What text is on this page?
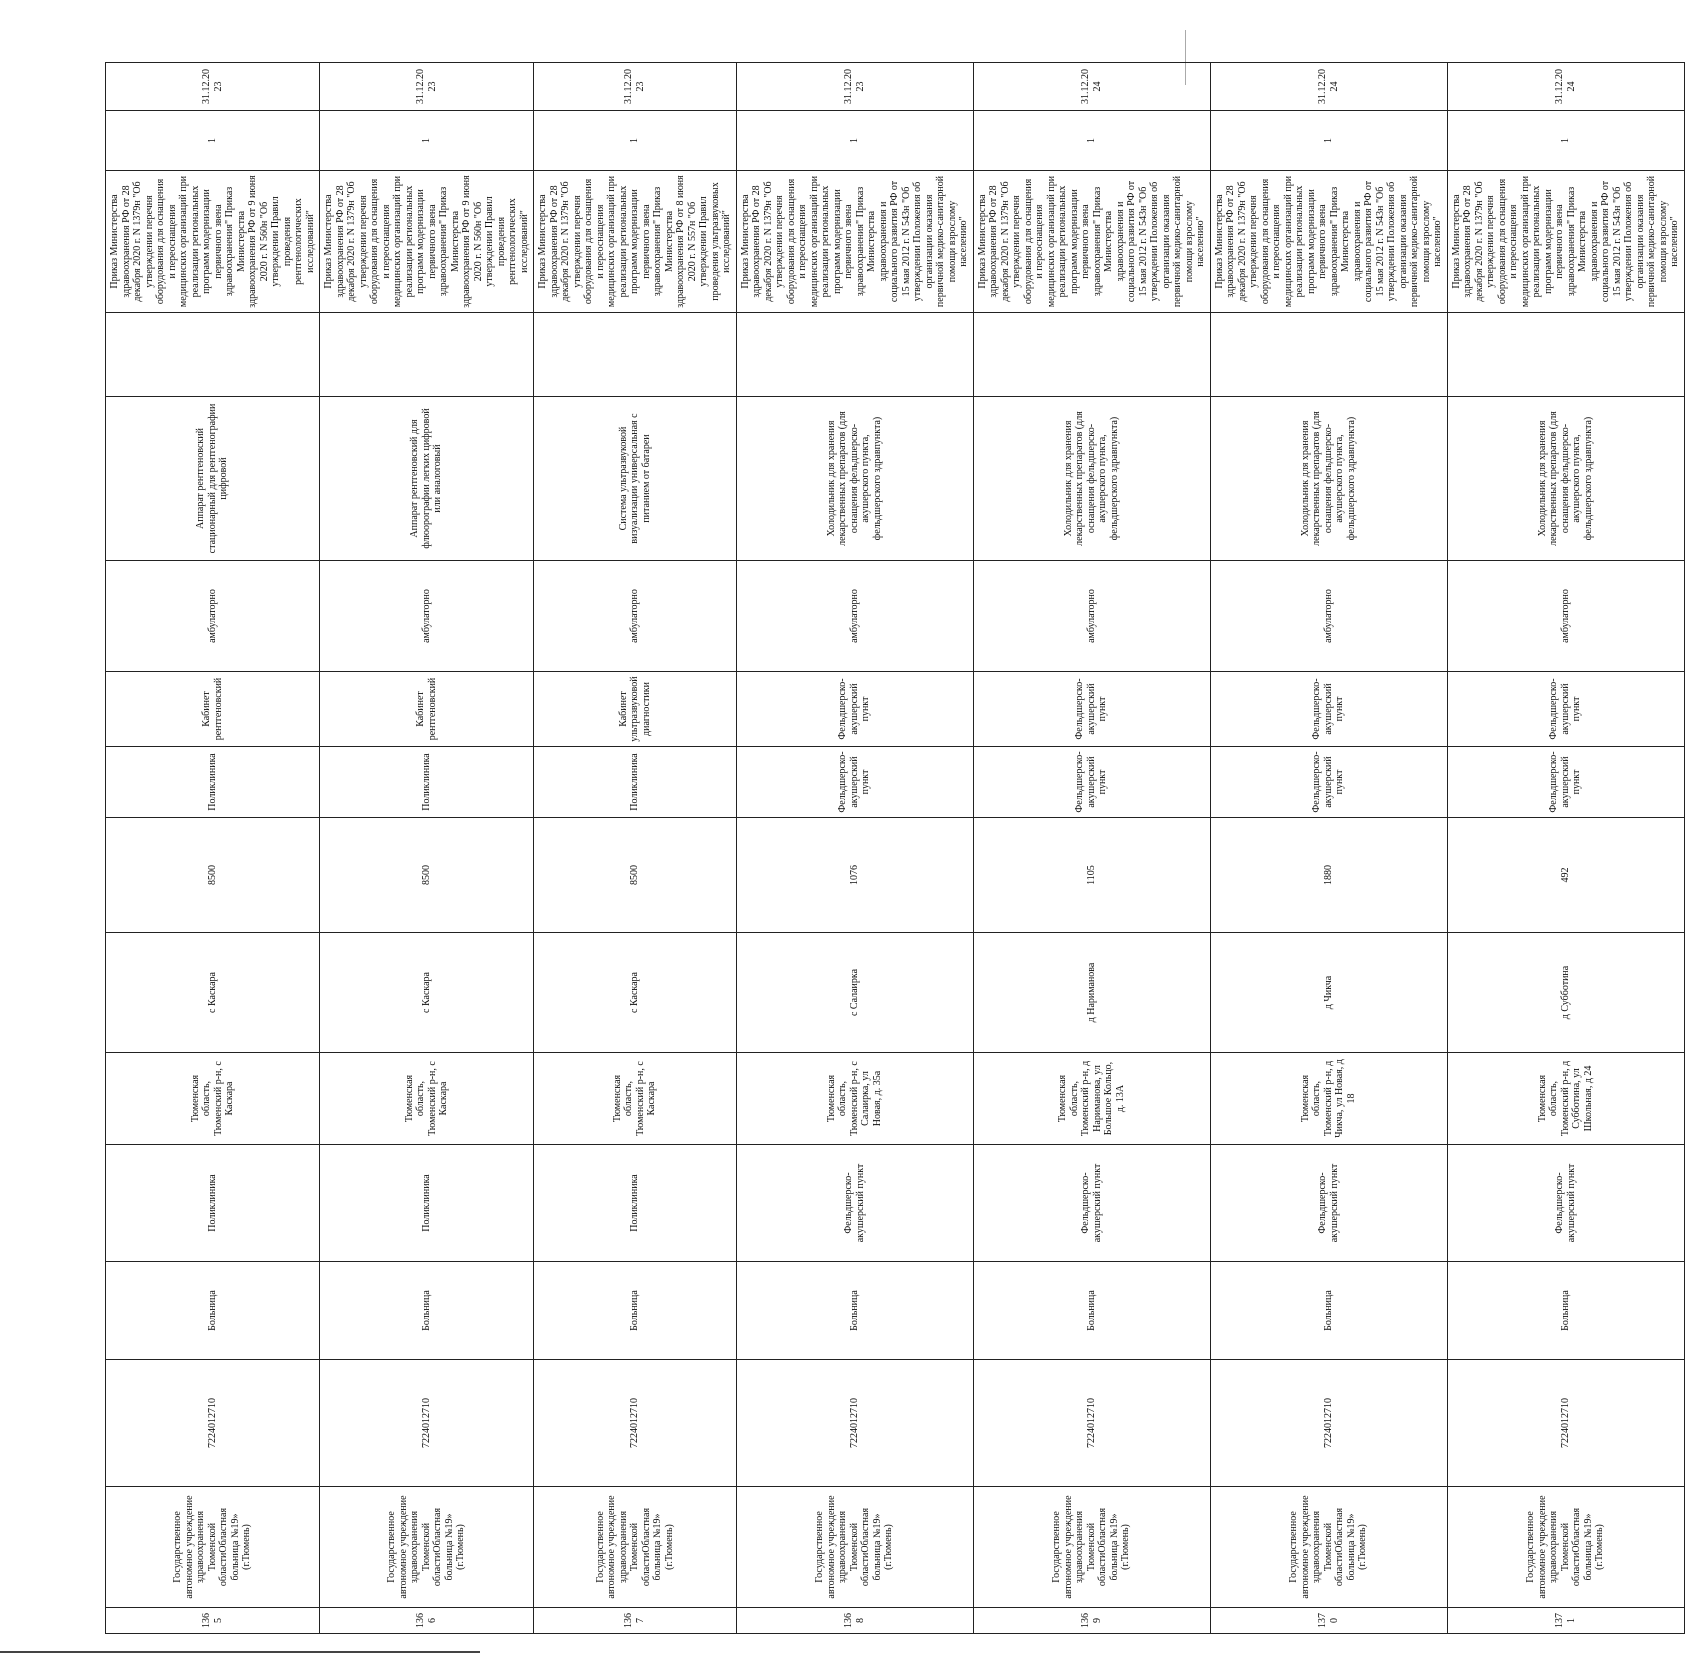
1365	Государственное автономное учреждение здравоохранения Тюменской областиОбластная больница №19» (г.Тюмень)	7224012710	Больница	Поликлиника	Тюменская область, Тюменский р-н, с Каскара	с Каскара	8500	Поликлиника	Кабинет рентгеновский	амбулаторно	Аппарат рентгеновский стационарный для рентгенографии цифровой		Приказ Министерства здравоохранения РФ от 28 декабря 2020 г. N 1379н "Об утверждении перечня оборудования для оснащения и переоснащения медицинских организаций при реализации региональных программ модернизации первичного звена здравоохранения" Приказ Министерства здравоохранения РФ от 9 июня 2020 г. N 560н "Об утверждении Правил проведения рентгенологических исследований"	1	31.12.2023
1366	Государственное автономное учреждение здравоохранения Тюменской областиОбластная больница №19» (г.Тюмень)	7224012710	Больница	Поликлиника	Тюменская область, Тюменский р-н, с Каскара	с Каскара	8500	Поликлиника	Кабинет рентгеновский	амбулаторно	Аппарат рентгеновский для флюорографии легких цифровой или аналоговый		Приказ Министерства здравоохранения РФ от 28 декабря 2020 г. N 1379н "Об утверждении перечня оборудования для оснащения и переоснащения медицинских организаций при реализации региональных программ модернизации первичного звена здравоохранения" Приказ Министерства здравоохранения РФ от 9 июня 2020 г. N 560н "Об утверждении Правил проведения рентгенологических исследований"	1	31.12.2023
1367	Государственное автономное учреждение здравоохранения Тюменской областиОбластная больница №19» (г.Тюмень)	7224012710	Больница	Поликлиника	Тюменская область, Тюменский р-н, с Каскара	с Каскара	8500	Поликлиника	Кабинет ультразвуковой диагностики	амбулаторно	Система ультразвуковой визуализации универсальная с питанием от батареи		Приказ Министерства здравоохранения РФ от 28 декабря 2020 г. N 1379н "Об утверждении перечня оборудования для оснащения и переоснащения медицинских организаций при реализации региональных программ модернизации первичного звена здравоохранения" Приказ Министерства здравоохранения РФ от 8 июня 2020 г. N 557н "Об утверждении Правил проведения ультразвуковых исследований"	1	31.12.2023
1368	Государственное автономное учреждение здравоохранения Тюменской областиОбластная больница №19» (г.Тюмень)	7224012710	Больница	Фельдшерско-акушерский пункт	Тюменская область, Тюменский р-н, с Салаирка, ул Новая, д. 35а	с Салаирка	1076	Фельдшерско-акушерский пункт	Фельдшерско-акушерский пункт	амбулаторно	Холодильник для хранения лекарственных препаратов (для оснащения фельдшерско-акушерского пункта, фельдшерского здравпункта)		Приказ Министерства здравоохранения РФ от 28 декабря 2020 г. N 1379н "Об утверждении перечня оборудования для оснащения и переоснащения медицинских организаций при реализации региональных программ модернизации первичного звена здравоохранения" Приказ Министерства здравоохранения и социального развития РФ от 15 мая 2012 г. N 543н "Об утверждении Положения об организации оказания первичной медико-санитарной помощи взрослому населению"	1	31.12.2023
1369	Государственное автономное учреждение здравоохранения Тюменской областиОбластная больница №19» (г.Тюмень)	7224012710	Больница	Фельдшерско-акушерский пункт	Тюменская область, Тюменский р-н, д Нариманова, ул Большое Кольцо, д. 13А	д Нариманова	1105	Фельдшерско-акушерский пункт	Фельдшерско-акушерский пункт	амбулаторно	Холодильник для хранения лекарственных препаратов (для оснащения фельдшерско-акушерского пункта, фельдшерского здравпункта)		Приказ Министерства здравоохранения РФ от 28 декабря 2020 г. N 1379н "Об утверждении перечня оборудования для оснащения и переоснащения медицинских организаций при реализации региональных программ модернизации первичного звена здравоохранения" Приказ Министерства здравоохранения и социального развития РФ от 15 мая 2012 г. N 543н "Об утверждении Положения об организации оказания первичной медико-санитарной помощи взрослому населению"	1	31.12.2024
1370	Государственное автономное учреждение здравоохранения Тюменской областиОбластная больница №19» (г.Тюмень)	7224012710	Больница	Фельдшерско-акушерский пункт	Тюменская область, Тюменский р-н, д Чикча, ул Новая, д 18	д Чикча	1880	Фельдшерско-акушерский пункт	Фельдшерско-акушерский пункт	амбулаторно	Холодильник для хранения лекарственных препаратов (для оснащения фельдшерско-акушерского пункта, фельдшерского здравпункта)		Приказ Министерства здравоохранения РФ от 28 декабря 2020 г. N 1379н "Об утверждении перечня оборудования для оснащения и переоснащения медицинских организаций при реализации региональных программ модернизации первичного звена здравоохранения" Приказ Министерства здравоохранения и социального развития РФ от 15 мая 2012 г. N 543н "Об утверждении Положения об организации оказания первичной медико-санитарной помощи взрослому населению"	1	31.12.2024
1371	Государственное автономное учреждение здравоохранения Тюменской областиОбластная больница №19» (г.Тюмень)	7224012710	Больница	Фельдшерско-акушерский пункт	Тюменская область, Тюменский р-н, д Субботина, ул Школьная, д 24	д Субботина	492	Фельдшерско-акушерский пункт	Фельдшерско-акушерский пункт	амбулаторно	Холодильник для хранения лекарственных препаратов (для оснащения фельдшерско-акушерского пункта, фельдшерского здравпункта)		Приказ Министерства здравоохранения РФ от 28 декабря 2020 г. N 1379н "Об утверждении перечня оборудования для оснащения и переоснащения медицинских организаций при реализации региональных программ модернизации первичного звена здравоохранения" Приказ Министерства здравоохранения и социального развития РФ от 15 мая 2012 г. N 543н "Об утверждении Положения об организации оказания первичной медико-санитарной помощи взрослому населению"	1	31.12.2024
